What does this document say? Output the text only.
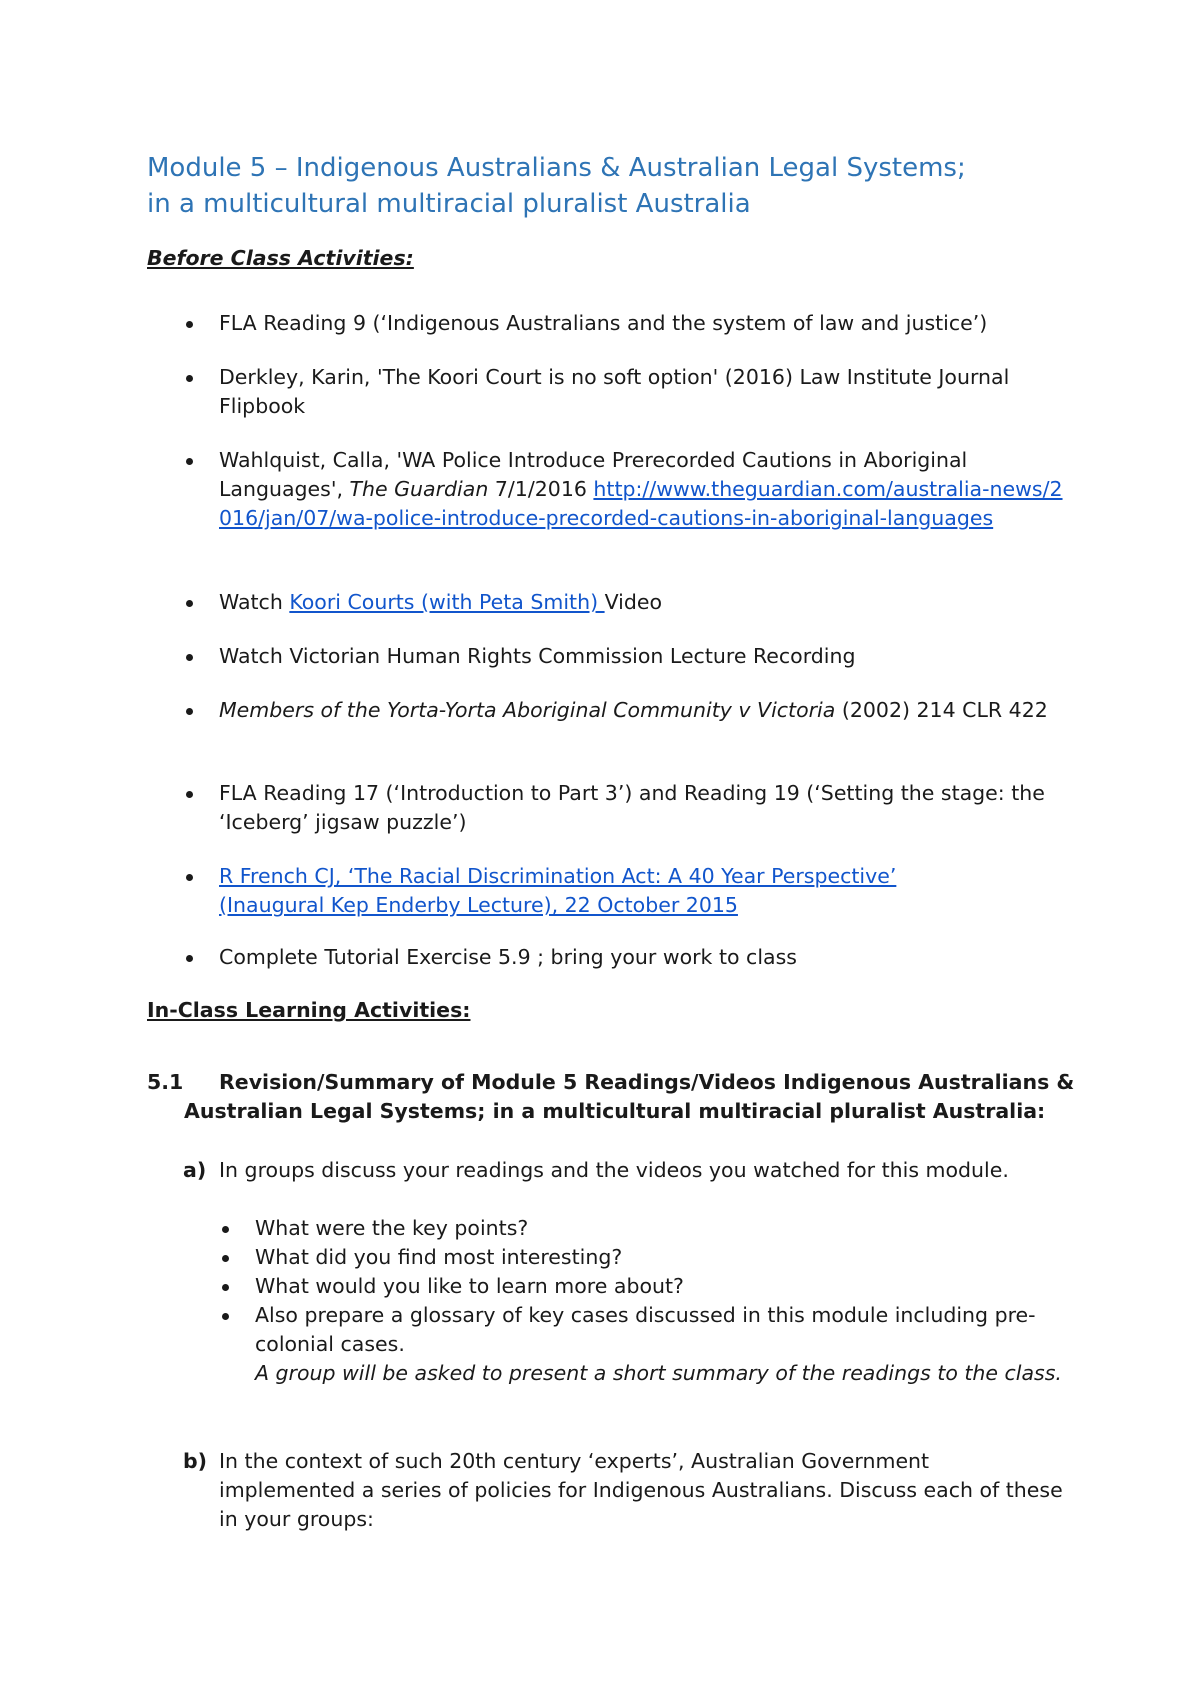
Module 5 – Indigenous Australians & Australian Legal Systems;
in a multicultural multiracial pluralist Australia
Before Class Activities:
FLA Reading 9 (‘Indigenous Australians and the system of law and justice’)
Derkley, Karin, 'The Koori Court is no soft option' (2016) Law Institute Journal Flipbook
Wahlquist, Calla, 'WA Police Introduce Prerecorded Cautions in Aboriginal Languages', The Guardian 7/1/2016 http://www.theguardian.com/australia-news/2016/jan/07/wa-police-introduce-precorded-cautions-in-aboriginal-languages
Watch Koori Courts (with Peta Smith) Video
Watch Victorian Human Rights Commission Lecture Recording
Members of the Yorta-Yorta Aboriginal Community v Victoria (2002) 214 CLR 422
FLA Reading 17 (‘Introduction to Part 3’) and Reading 19 (‘Setting the stage: the ‘Iceberg’ jigsaw puzzle’)
R French CJ, ‘The Racial Discrimination Act: A 40 Year Perspective’ (Inaugural Kep Enderby Lecture), 22 October 2015
Complete Tutorial Exercise 5.9 ; bring your work to class
In-Class Learning Activities:
5.1	Revision/Summary of Module 5 Readings/Videos Indigenous Australians & Australian Legal Systems; in a multicultural multiracial pluralist Australia:
a) In groups discuss your readings and the videos you watched for this module.
What were the key points?
What did you find most interesting?
What would you like to learn more about?
Also prepare a glossary of key cases discussed in this module including pre-colonial cases.
A group will be asked to present a short summary of the readings to the class.
b) In the context of such 20th century ‘experts’, Australian Government implemented a series of policies for Indigenous Australians. Discuss each of these in your groups:
